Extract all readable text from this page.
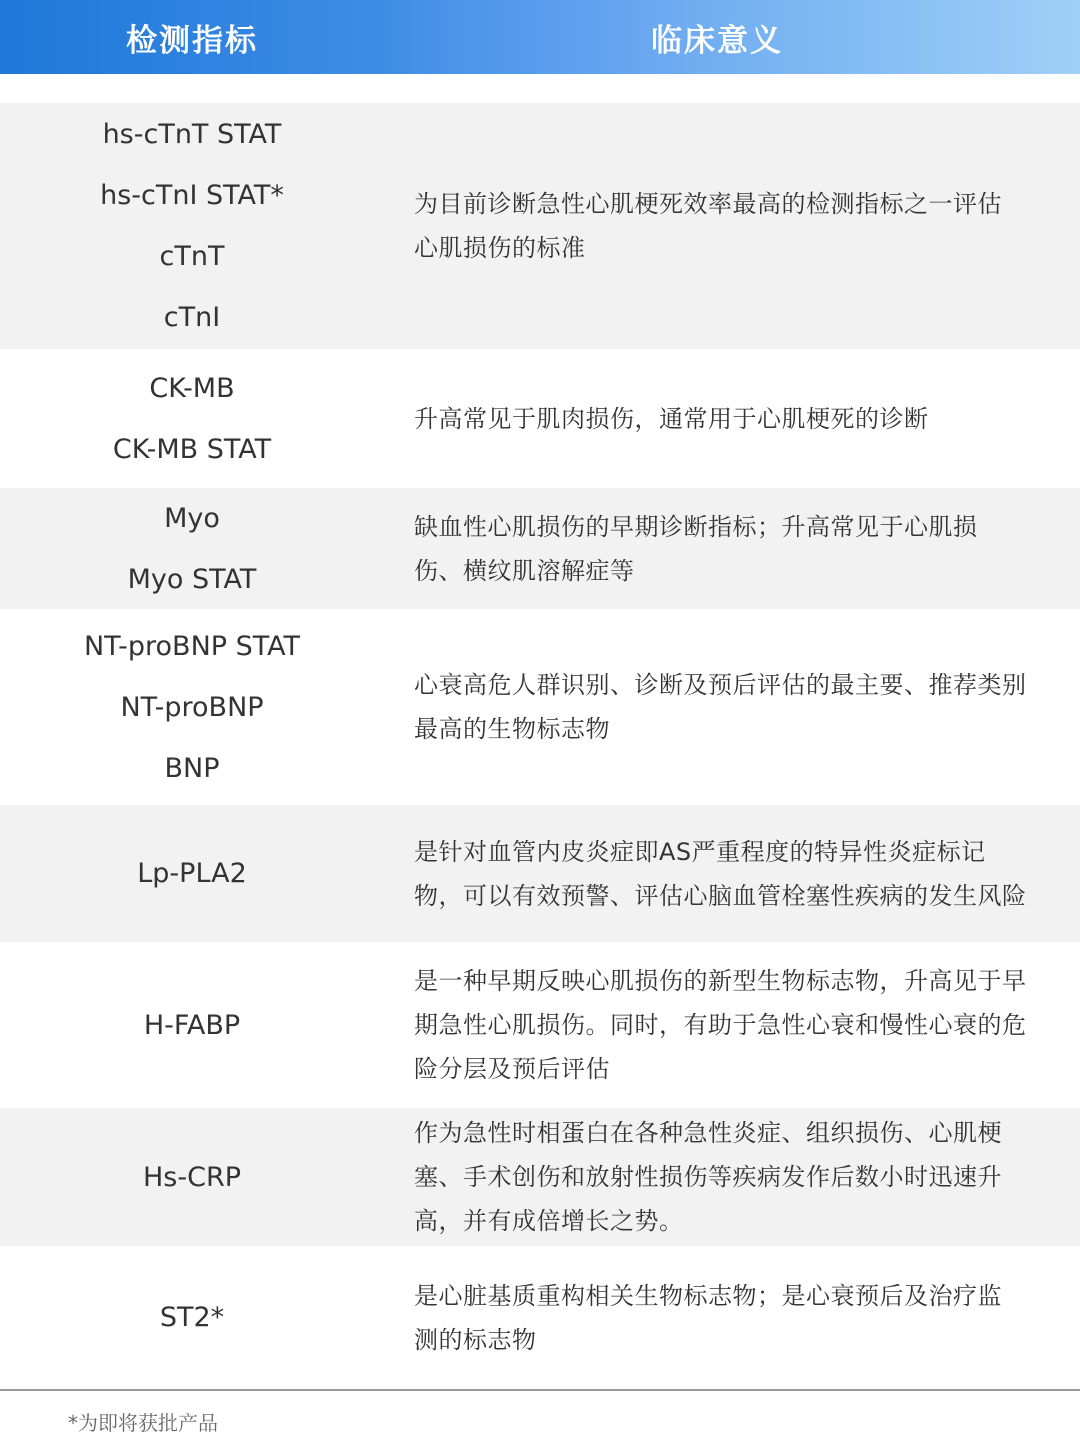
检测指标	临床意义
hs-cTnT STAT
hs-cTnI STAT*
cTnT
cTnI
为目前诊断急性心肌梗死效率最高的检测指标之一评估心肌损伤的标准
CK-MB
CK-MB STAT
升高常见于肌肉损伤，通常用于心肌梗死的诊断
Myo
Myo STAT
缺血性心肌损伤的早期诊断指标；升高常见于心肌损伤、横纹肌溶解症等
NT-proBNP STAT
NT-proBNP
BNP
心衰高危人群识别、诊断及预后评估的最主要、推荐类别最高的生物标志物
Lp-PLA2
是针对血管内皮炎症即AS严重程度的特异性炎症标记物，可以有效预警、评估心脑血管栓塞性疾病的发生风险
H-FABP
是一种早期反映心肌损伤的新型生物标志物，升高见于早期急性心肌损伤。同时，有助于急性心衰和慢性心衰的危险分层及预后评估
Hs-CRP
作为急性时相蛋白在各种急性炎症、组织损伤、心肌梗塞、手术创伤和放射性损伤等疾病发作后数小时迅速升高，并有成倍增长之势。
ST2*
是心脏基质重构相关生物标志物；是心衰预后及治疗监测的标志物
*为即将获批产品
